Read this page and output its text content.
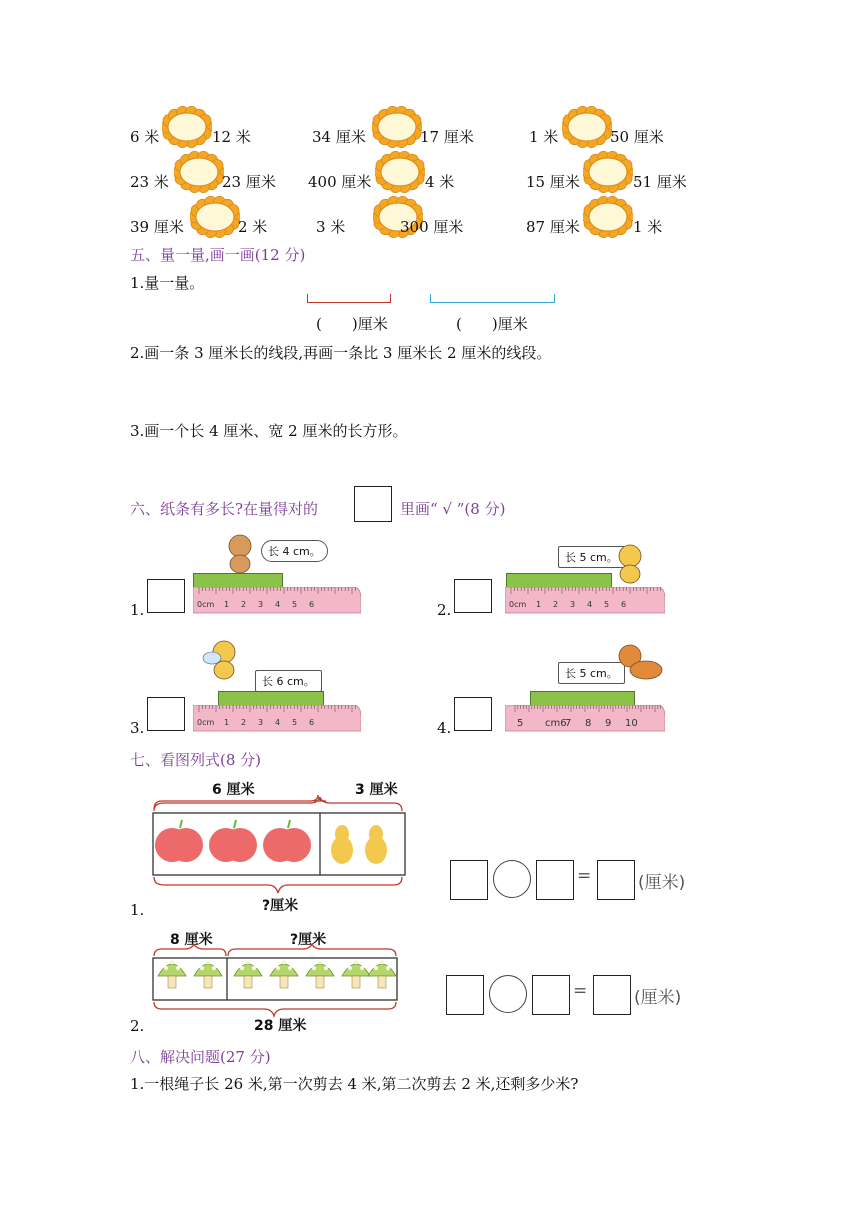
6 米	12 米	34 厘米	17 厘米	1 米	50 厘米
23 米	23 厘米 400 厘米	4 米	15 厘米	51 厘米
39 厘米	2 米	3 米	300 厘米	87 厘米	1 米
五、量一量,画一画(12 分)
1.量一量。
(　　)厘米	(　　)厘米
2.画一条 3 厘米长的线段,再画一条比 3 厘米长 2 厘米的线段。
3.画一个长 4 厘米、宽 2 厘米的长方形。
六、纸条有多长?在量得对的	里画“ √ ”(8 分)
1.	0cm 1 2 3 4 5 6
长 4 cm。
2.	0cm 1 2 3 4 5 6
长 5 cm。
3.	0cm 1 2 3 4 5 6
长 6 cm。
4.	5 cm6
7 8 9 10
长 5 cm。
七、看图列式(8 分)
6 厘米	3 厘米
?厘米
1.
=	(厘米)
8 厘米	?厘米
28 厘米
2.
=	(厘米)
八、解决问题(27 分)
1.一根绳子长 26 米,第一次剪去 4 米,第二次剪去 2 米,还剩多少米?
